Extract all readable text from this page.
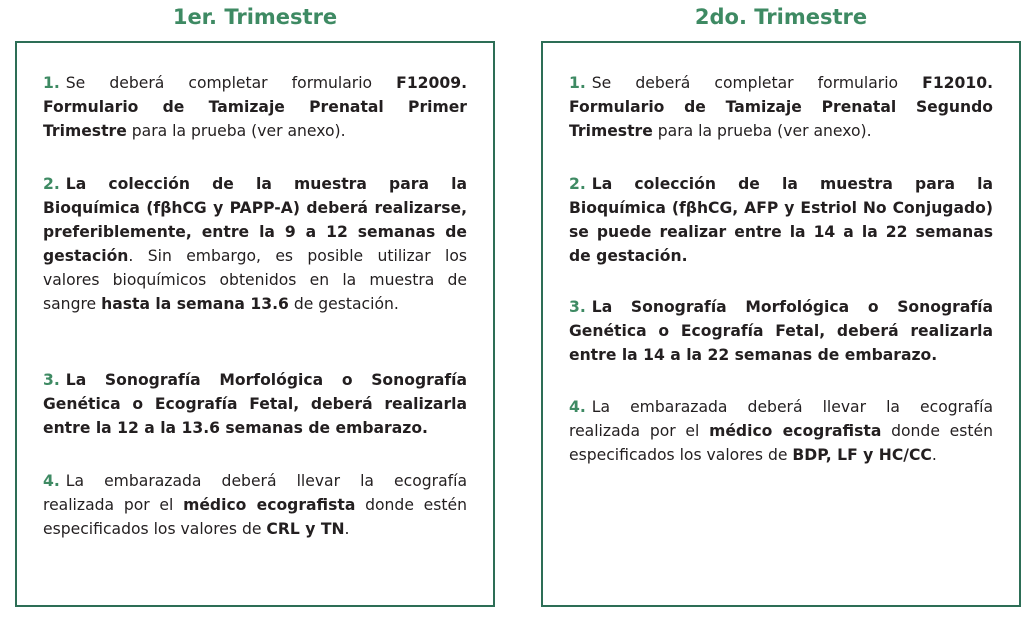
1er. Trimestre	2do. Trimestre
1. Se deberá completar formulario F12009. Formulario de Tamizaje Prenatal Primer Trimestre para la prueba (ver anexo).
2. La colección de la muestra para la Bioquímica (fβhCG y PAPP-A) deberá realizarse, preferiblemente, entre la 9 a 12 semanas de gestación. Sin embargo, es posible utilizar los valores bioquímicos obtenidos en la muestra de sangre hasta la semana 13.6 de gestación.
3. La Sonografía Morfológica o Sonografía Genética o Ecografía Fetal, deberá realizarla entre la 12 a la 13.6 semanas de embarazo.
4. La embarazada deberá llevar la ecografía realizada por el médico ecografista donde estén especificados los valores de CRL y TN.
1. Se deberá completar formulario F12010. Formulario de Tamizaje Prenatal Segundo Trimestre para la prueba (ver anexo).
2. La colección de la muestra para la Bioquímica (fβhCG, AFP y Estriol No Conjugado) se puede realizar entre la 14 a la 22 semanas de gestación.
3. La Sonografía Morfológica o Sonografía Genética o Ecografía Fetal, deberá realizarla entre la 14 a la 22 semanas de embarazo.
4. La embarazada deberá llevar la ecografía realizada por el médico ecografista donde estén especificados los valores de BDP, LF y HC/CC.
